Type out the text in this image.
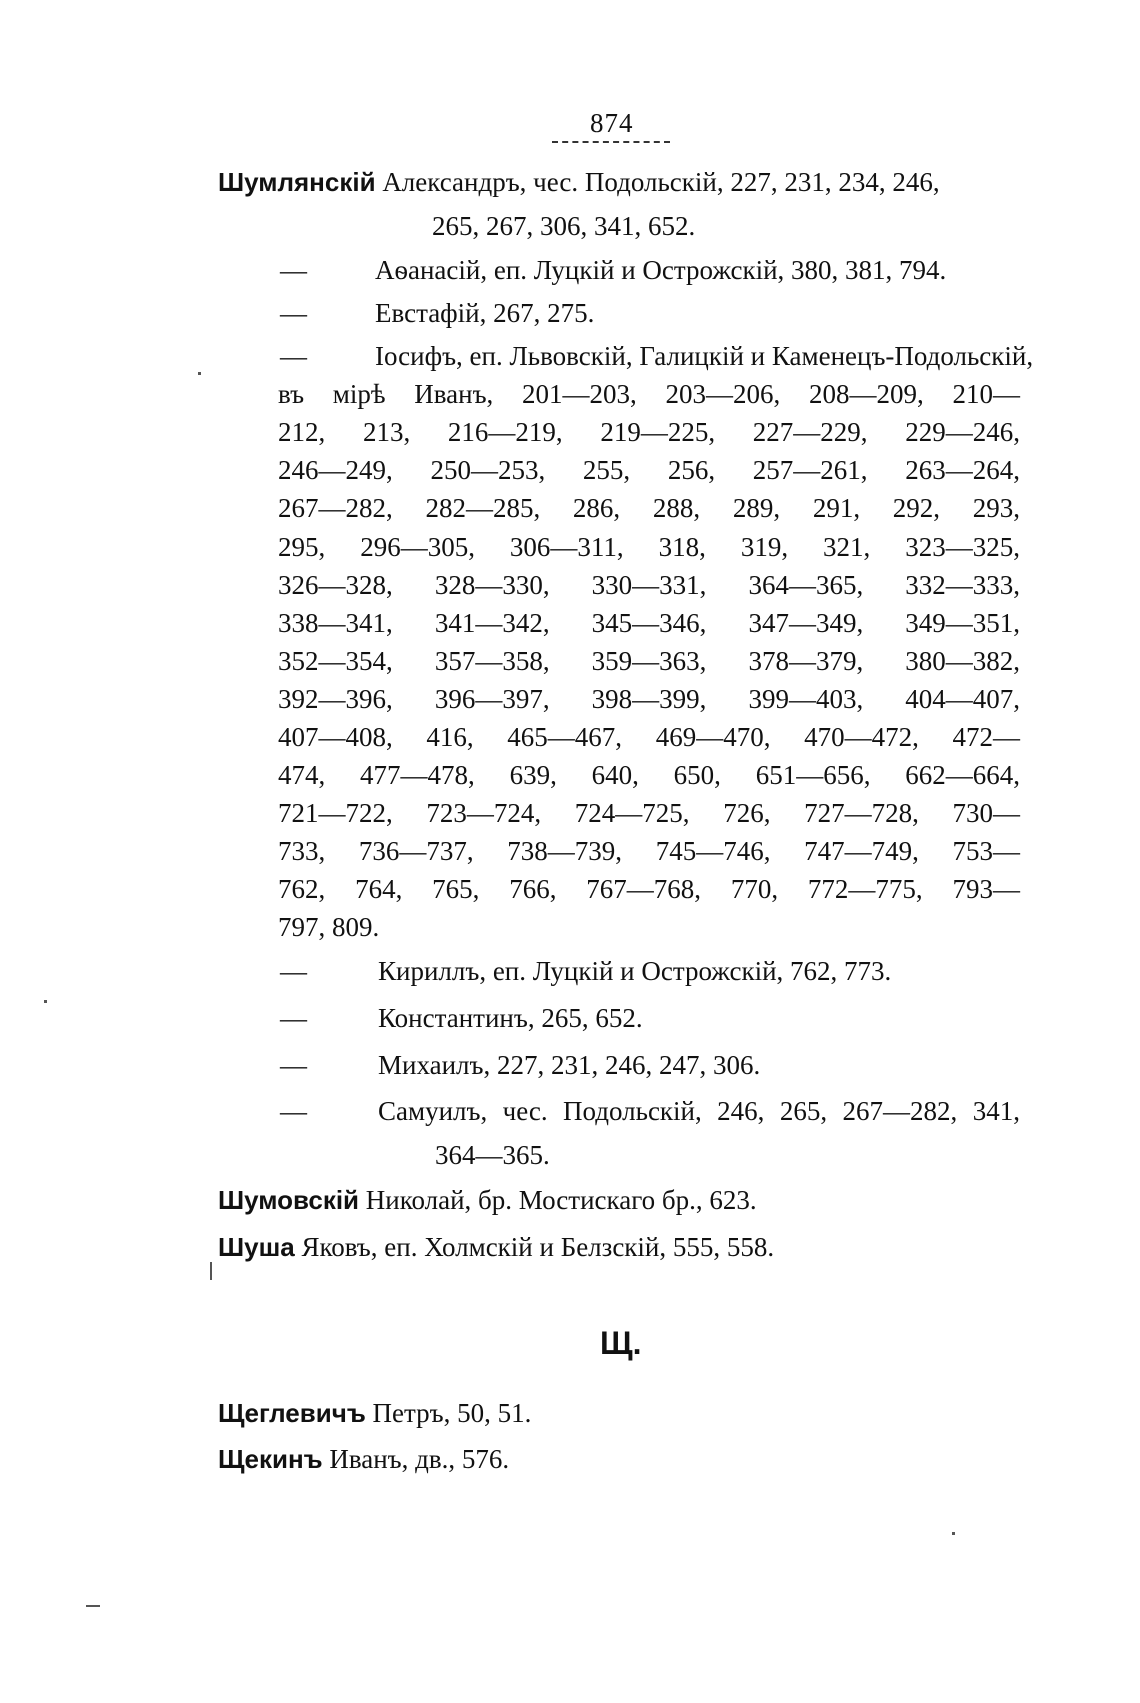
874
Шумлянскій Александръ, чес. Подольскій, 227, 231, 234, 246,
265, 267, 306, 341, 652.
—	Аѳанасій, еп. Луцкій и Острожскій, 380, 381, 794.
—	Евстафій, 267, 275.
—	Іосифъ, еп. Львовскій, Галицкій и Каменецъ-Подольскій,
въ мірѣ Иванъ, 201—203, 203—206, 208—209, 210—
212, 213, 216—219, 219—225, 227—229, 229—246,
246—249, 250—253, 255, 256, 257—261, 263—264,
267—282, 282—285, 286, 288, 289, 291, 292, 293,
295, 296—305, 306—311, 318, 319, 321, 323—325,
326—328, 328—330, 330—331, 364—365, 332—333,
338—341, 341—342, 345—346, 347—349, 349—351,
352—354, 357—358, 359—363, 378—379, 380—382,
392—396, 396—397, 398—399, 399—403, 404—407,
407—408, 416, 465—467, 469—470, 470—472, 472—
474, 477—478, 639, 640, 650, 651—656, 662—664,
721—722, 723—724, 724—725, 726, 727—728, 730—
733, 736—737, 738—739, 745—746, 747—749, 753—
762, 764, 765, 766, 767—768, 770, 772—775, 793—
797, 809.
—	Кириллъ, еп. Луцкій и Острожскій, 762, 773.
—	Константинъ, 265, 652.
—	Михаилъ, 227, 231, 246, 247, 306.
—	Самуилъ, чес. Подольскій, 246, 265, 267—282, 341,
364—365.
Шумовскій Николай, бр. Мостискаго бр., 623.
Шуша Яковъ, еп. Холмскій и Белзскій, 555, 558.
Щ.
Щеглевичъ Петръ, 50, 51.
Щекинъ Иванъ, дв., 576.
